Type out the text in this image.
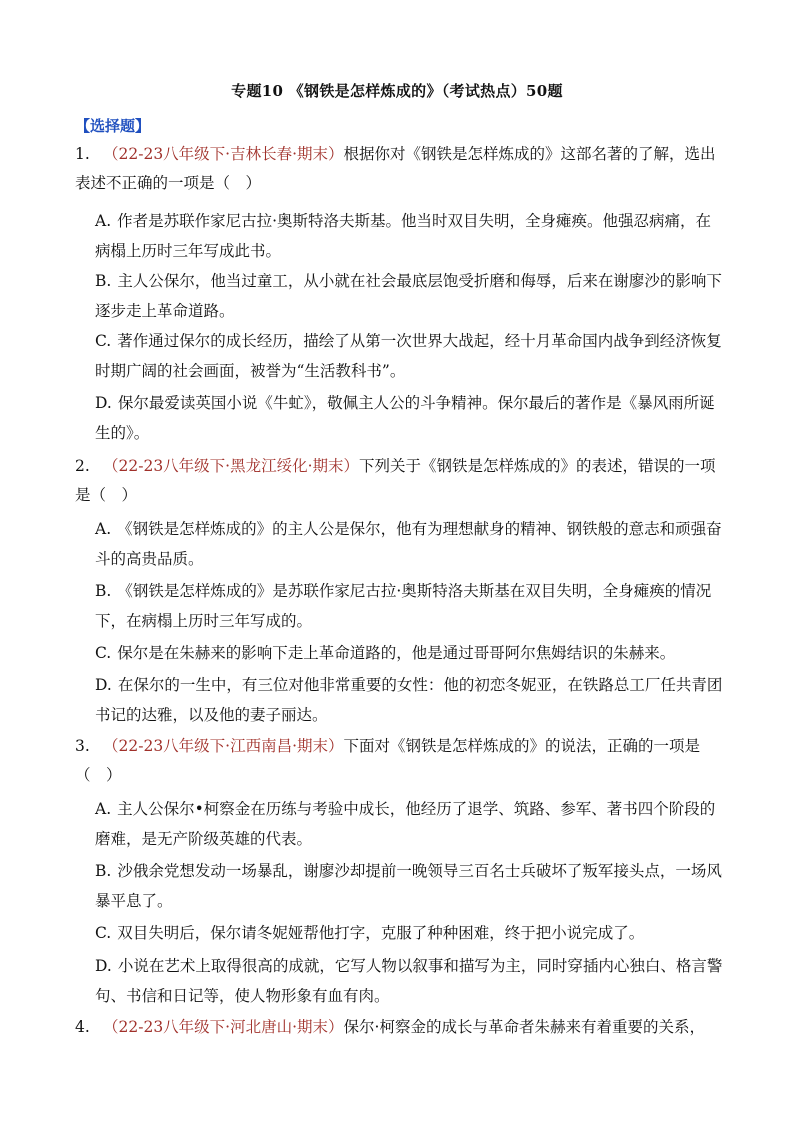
专题10 《钢铁是怎样炼成的》（考试热点）50题
【选择题】
1. （22-23八年级下·吉林长春·期末）根据你对《钢铁是怎样炼成的》这部名著的了解，选出表述不正确的一项是（　）
A. 作者是苏联作家尼古拉·奥斯特洛夫斯基。他当时双目失明，全身瘫痪。他强忍病痛，在病榻上历时三年写成此书。
B. 主人公保尔，他当过童工，从小就在社会最底层饱受折磨和侮辱，后来在谢廖沙的影响下逐步走上革命道路。
C. 著作通过保尔的成长经历，描绘了从第一次世界大战起，经十月革命国内战争到经济恢复时期广阔的社会画面，被誉为“生活教科书”。
D. 保尔最爱读英国小说《牛虻》，敬佩主人公的斗争精神。保尔最后的著作是《暴风雨所诞生的》。
2. （22-23八年级下·黑龙江绥化·期末）下列关于《钢铁是怎样炼成的》的表述，错误的一项是（　）
A. 《钢铁是怎样炼成的》的主人公是保尔，他有为理想献身的精神、钢铁般的意志和顽强奋斗的高贵品质。
B. 《钢铁是怎样炼成的》是苏联作家尼古拉·奥斯特洛夫斯基在双目失明，全身瘫痪的情况下，在病榻上历时三年写成的。
C. 保尔是在朱赫来的影响下走上革命道路的，他是通过哥哥阿尔焦姆结识的朱赫来。
D. 在保尔的一生中，有三位对他非常重要的女性：他的初恋冬妮亚，在铁路总工厂任共青团书记的达雅，以及他的妻子丽达。
3. （22-23八年级下·江西南昌·期末）下面对《钢铁是怎样炼成的》的说法，正确的一项是（　）
A. 主人公保尔•柯察金在历练与考验中成长，他经历了退学、筑路、参军、著书四个阶段的磨难，是无产阶级英雄的代表。
B. 沙俄余党想发动一场暴乱，谢廖沙却提前一晚领导三百名士兵破坏了叛军接头点，一场风暴平息了。
C. 双目失明后，保尔请冬妮娅帮他打字，克服了种种困难，终于把小说完成了。
D. 小说在艺术上取得很高的成就，它写人物以叙事和描写为主，同时穿插内心独白、格言警句、书信和日记等，使人物形象有血有肉。
4. （22-23八年级下·河北唐山·期末）保尔·柯察金的成长与革命者朱赫来有着重要的关系，
